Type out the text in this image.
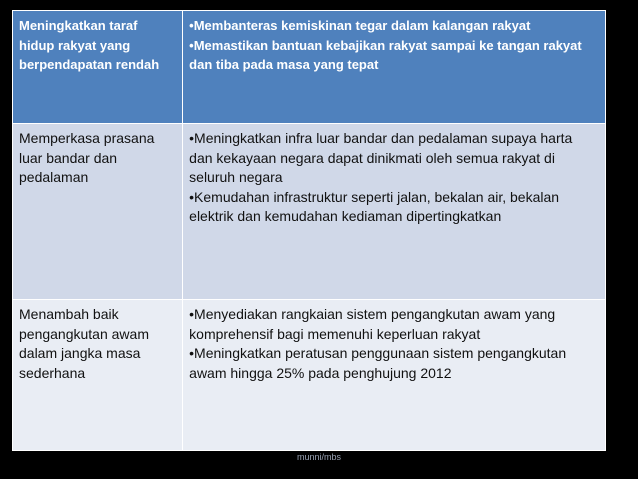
Meningkatkan taraf hidup rakyat yang berpendapatan rendah	•Membanteras kemiskinan tegar dalam kalangan rakyat
•Memastikan bantuan kebajikan rakyat sampai ke tangan rakyat dan tiba pada masa yang tepat

Memperkasa prasana luar bandar dan pedalaman	•Meningkatkan infra luar bandar dan pedalaman supaya harta dan kekayaan negara dapat dinikmati oleh semua rakyat di seluruh negara
•Kemudahan infrastruktur seperti jalan, bekalan air, bekalan elektrik dan kemudahan kediaman dipertingkatkan

Menambah baik pengangkutan awam dalam jangka masa sederhana	•Menyediakan rangkaian sistem pengangkutan awam yang komprehensif bagi memenuhi keperluan rakyat
•Meningkatkan peratusan penggunaan sistem pengangkutan awam hingga 25% pada penghujung 2012
munni/mbs
